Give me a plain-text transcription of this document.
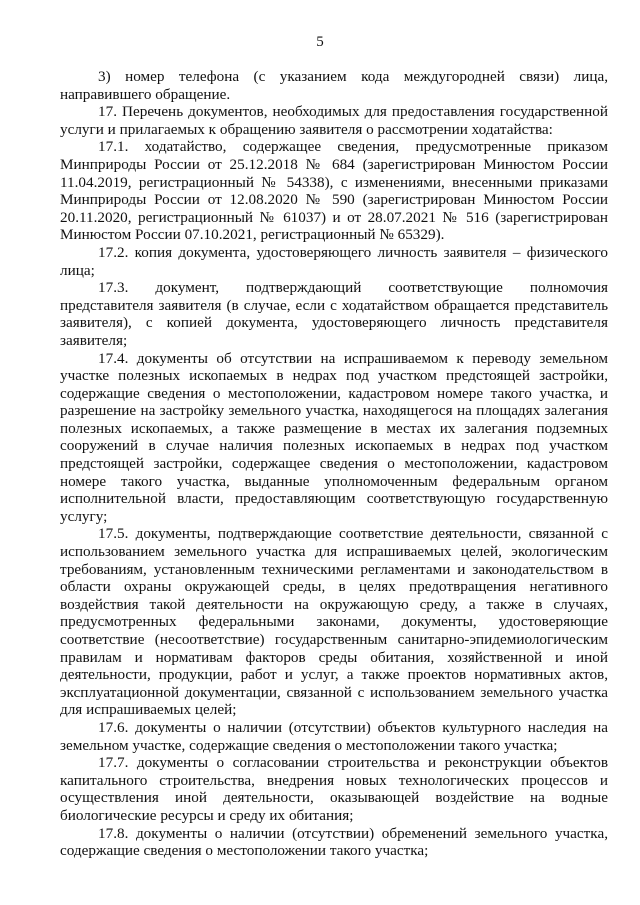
5

3) номер телефона (с указанием кода междугородней связи) лица, направившего обращение.

17. Перечень документов, необходимых для предоставления государственной услуги и прилагаемых к обращению заявителя о рассмотрении ходатайства:

17.1. ходатайство, содержащее сведения, предусмотренные приказом Минприроды России от 25.12.2018 № 684 (зарегистрирован Минюстом России 11.04.2019, регистрационный № 54338), с изменениями, внесенными приказами Минприроды России от 12.08.2020 № 590 (зарегистрирован Минюстом России 20.11.2020, регистрационный № 61037) и от 28.07.2021 № 516 (зарегистрирован Минюстом России 07.10.2021, регистрационный № 65329).

17.2. копия документа, удостоверяющего личность заявителя – физического лица;

17.3. документ, подтверждающий соответствующие полномочия представителя заявителя (в случае, если с ходатайством обращается представитель заявителя), с копией документа, удостоверяющего личность представителя заявителя;

17.4. документы об отсутствии на испрашиваемом к переводу земельном участке полезных ископаемых в недрах под участком предстоящей застройки, содержащие сведения о местоположении, кадастровом номере такого участка, и разрешение на застройку земельного участка, находящегося на площадях залегания полезных ископаемых, а также размещение в местах их залегания подземных сооружений в случае наличия полезных ископаемых в недрах под участком предстоящей застройки, содержащее сведения о местоположении, кадастровом номере такого участка, выданные уполномоченным федеральным органом исполнительной власти, предоставляющим соответствующую государственную услугу;

17.5. документы, подтверждающие соответствие деятельности, связанной с использованием земельного участка для испрашиваемых целей, экологическим требованиям, установленным техническими регламентами и законодательством в области охраны окружающей среды, в целях предотвращения негативного воздействия такой деятельности на окружающую среду, а также в случаях, предусмотренных федеральными законами, документы, удостоверяющие соответствие (несоответствие) государственным санитарно-эпидемиологическим правилам и нормативам факторов среды обитания, хозяйственной и иной деятельности, продукции, работ и услуг, а также проектов нормативных актов, эксплуатационной документации, связанной с использованием земельного участка для испрашиваемых целей;

17.6. документы о наличии (отсутствии) объектов культурного наследия на земельном участке, содержащие сведения о местоположении такого участка;

17.7. документы о согласовании строительства и реконструкции объектов капитального строительства, внедрения новых технологических процессов и осуществления иной деятельности, оказывающей воздействие на водные биологические ресурсы и среду их обитания;

17.8. документы о наличии (отсутствии) обременений земельного участка, содержащие сведения о местоположении такого участка;
